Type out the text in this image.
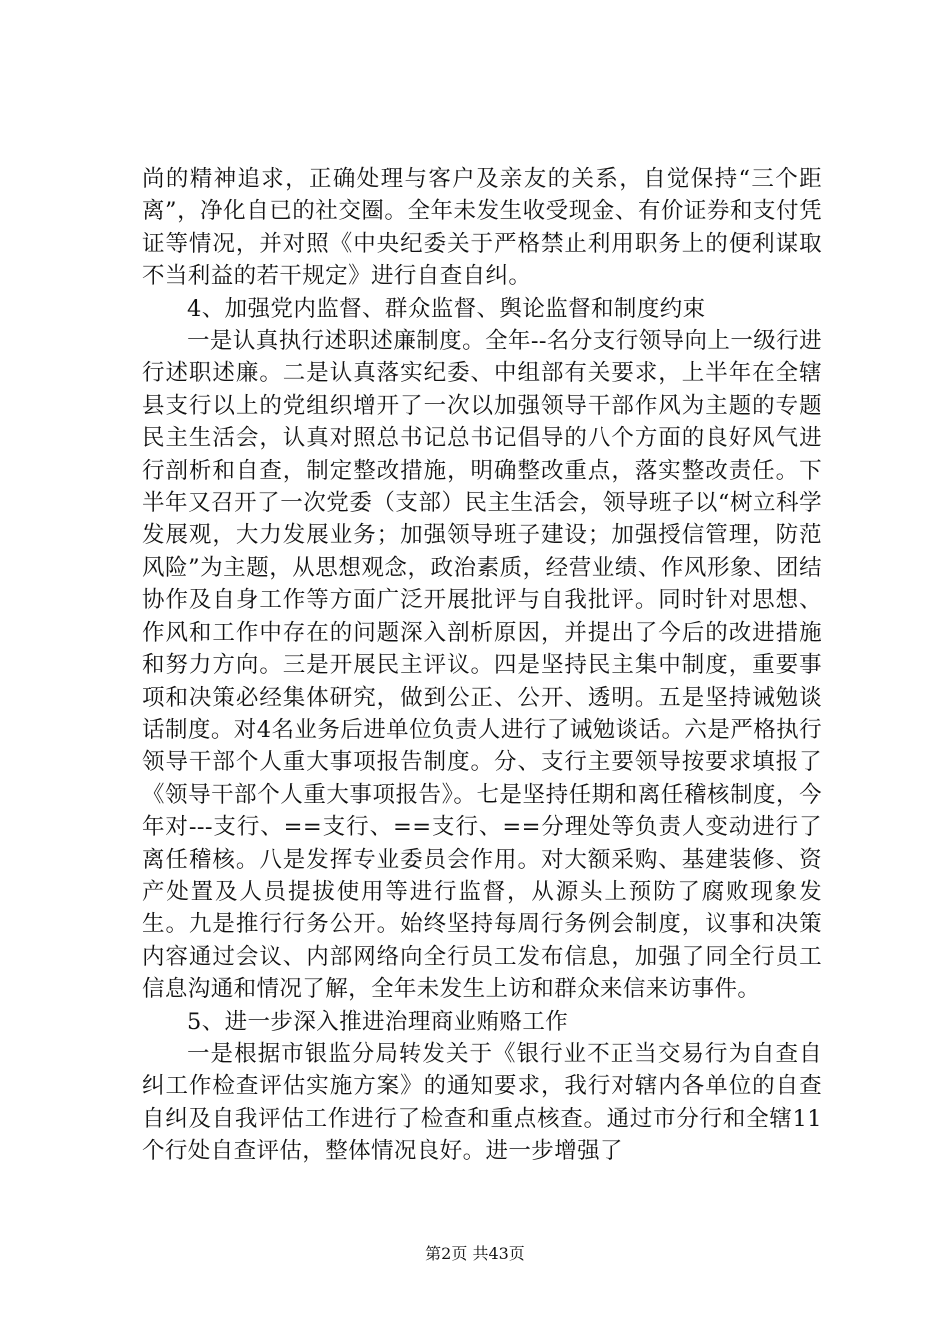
尚的精神追求，正确处理与客户及亲友的关系，自觉保持“三个距离”，净化自已的社交圈。全年未发生收受现金、有价证券和支付凭证等情况，并对照《中央纪委关于严格禁止利用职务上的便利谋取不当利益的若干规定》进行自查自纠。

4、加强党内监督、群众监督、舆论监督和制度约束

一是认真执行述职述廉制度。全年--名分支行领导向上一级行进行述职述廉。二是认真落实纪委、中组部有关要求，上半年在全辖县支行以上的党组织增开了一次以加强领导干部作风为主题的专题民主生活会，认真对照总书记总书记倡导的八个方面的良好风气进行剖析和自查，制定整改措施，明确整改重点，落实整改责任。下半年又召开了一次党委（支部）民主生活会，领导班子以“树立科学发展观，大力发展业务；加强领导班子建设；加强授信管理，防范风险”为主题，从思想观念，政治素质，经营业绩、作风形象、团结协作及自身工作等方面广泛开展批评与自我批评。同时针对思想、作风和工作中存在的问题深入剖析原因，并提出了今后的改进措施和努力方向。三是开展民主评议。四是坚持民主集中制度，重要事项和决策必经集体研究，做到公正、公开、透明。五是坚持诫勉谈话制度。对4名业务后进单位负责人进行了诫勉谈话。六是严格执行领导干部个人重大事项报告制度。分、支行主要领导按要求填报了《领导干部个人重大事项报告》。七是坚持任期和离任稽核制度，今年对---支行、==支行、==支行、==分理处等负责人变动进行了离任稽核。八是发挥专业委员会作用。对大额采购、基建装修、资产处置及人员提拔使用等进行监督，从源头上预防了腐败现象发生。九是推行行务公开。始终坚持每周行务例会制度，议事和决策内容通过会议、内部网络向全行员工发布信息，加强了同全行员工信息沟通和情况了解，全年未发生上访和群众来信来访事件。

5、进一步深入推进治理商业贿赂工作

一是根据市银监分局转发关于《银行业不正当交易行为自查自纠工作检查评估实施方案》的通知要求，我行对辖内各单位的自查自纠及自我评估工作进行了检查和重点核查。通过市分行和全辖11个行处自查评估，整体情况良好。进一步增强了

第2页 共43页
